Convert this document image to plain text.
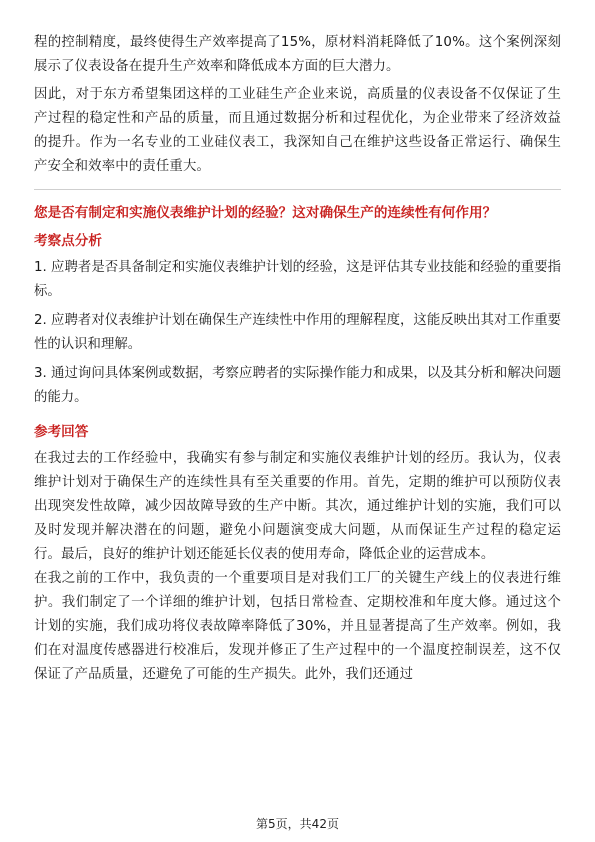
程的控制精度，最终使得生产效率提高了15%，原材料消耗降低了10%。这个案例深刻展示了仪表设备在提升生产效率和降低成本方面的巨大潜力。

因此，对于东方希望集团这样的工业硅生产企业来说，高质量的仪表设备不仅保证了生产过程的稳定性和产品的质量，而且通过数据分析和过程优化，为企业带来了经济效益的提升。作为一名专业的工业硅仪表工，我深知自己在维护这些设备正常运行、确保生产安全和效率中的责任重大。

您是否有制定和实施仪表维护计划的经验？这对确保生产的连续性有何作用？

考察点分析

1. 应聘者是否具备制定和实施仪表维护计划的经验，这是评估其专业技能和经验的重要指标。

2. 应聘者对仪表维护计划在确保生产连续性中作用的理解程度，这能反映出其对工作重要性的认识和理解。

3. 通过询问具体案例或数据，考察应聘者的实际操作能力和成果，以及其分析和解决问题的能力。

参考回答

在我过去的工作经验中，我确实有参与制定和实施仪表维护计划的经历。我认为，仪表维护计划对于确保生产的连续性具有至关重要的作用。首先，定期的维护可以预防仪表出现突发性故障，减少因故障导致的生产中断。其次，通过维护计划的实施，我们可以及时发现并解决潜在的问题，避免小问题演变成大问题，从而保证生产过程的稳定运行。最后，良好的维护计划还能延长仪表的使用寿命，降低企业的运营成本。

在我之前的工作中，我负责的一个重要项目是对我们工厂的关键生产线上的仪表进行维护。我们制定了一个详细的维护计划，包括日常检查、定期校准和年度大修。通过这个计划的实施，我们成功将仪表故障率降低了30%，并且显著提高了生产效率。例如，我们在对温度传感器进行校准后，发现并修正了生产过程中的一个温度控制误差，这不仅保证了产品质量，还避免了可能的生产损失。此外，我们还通过

第5页，共42页
